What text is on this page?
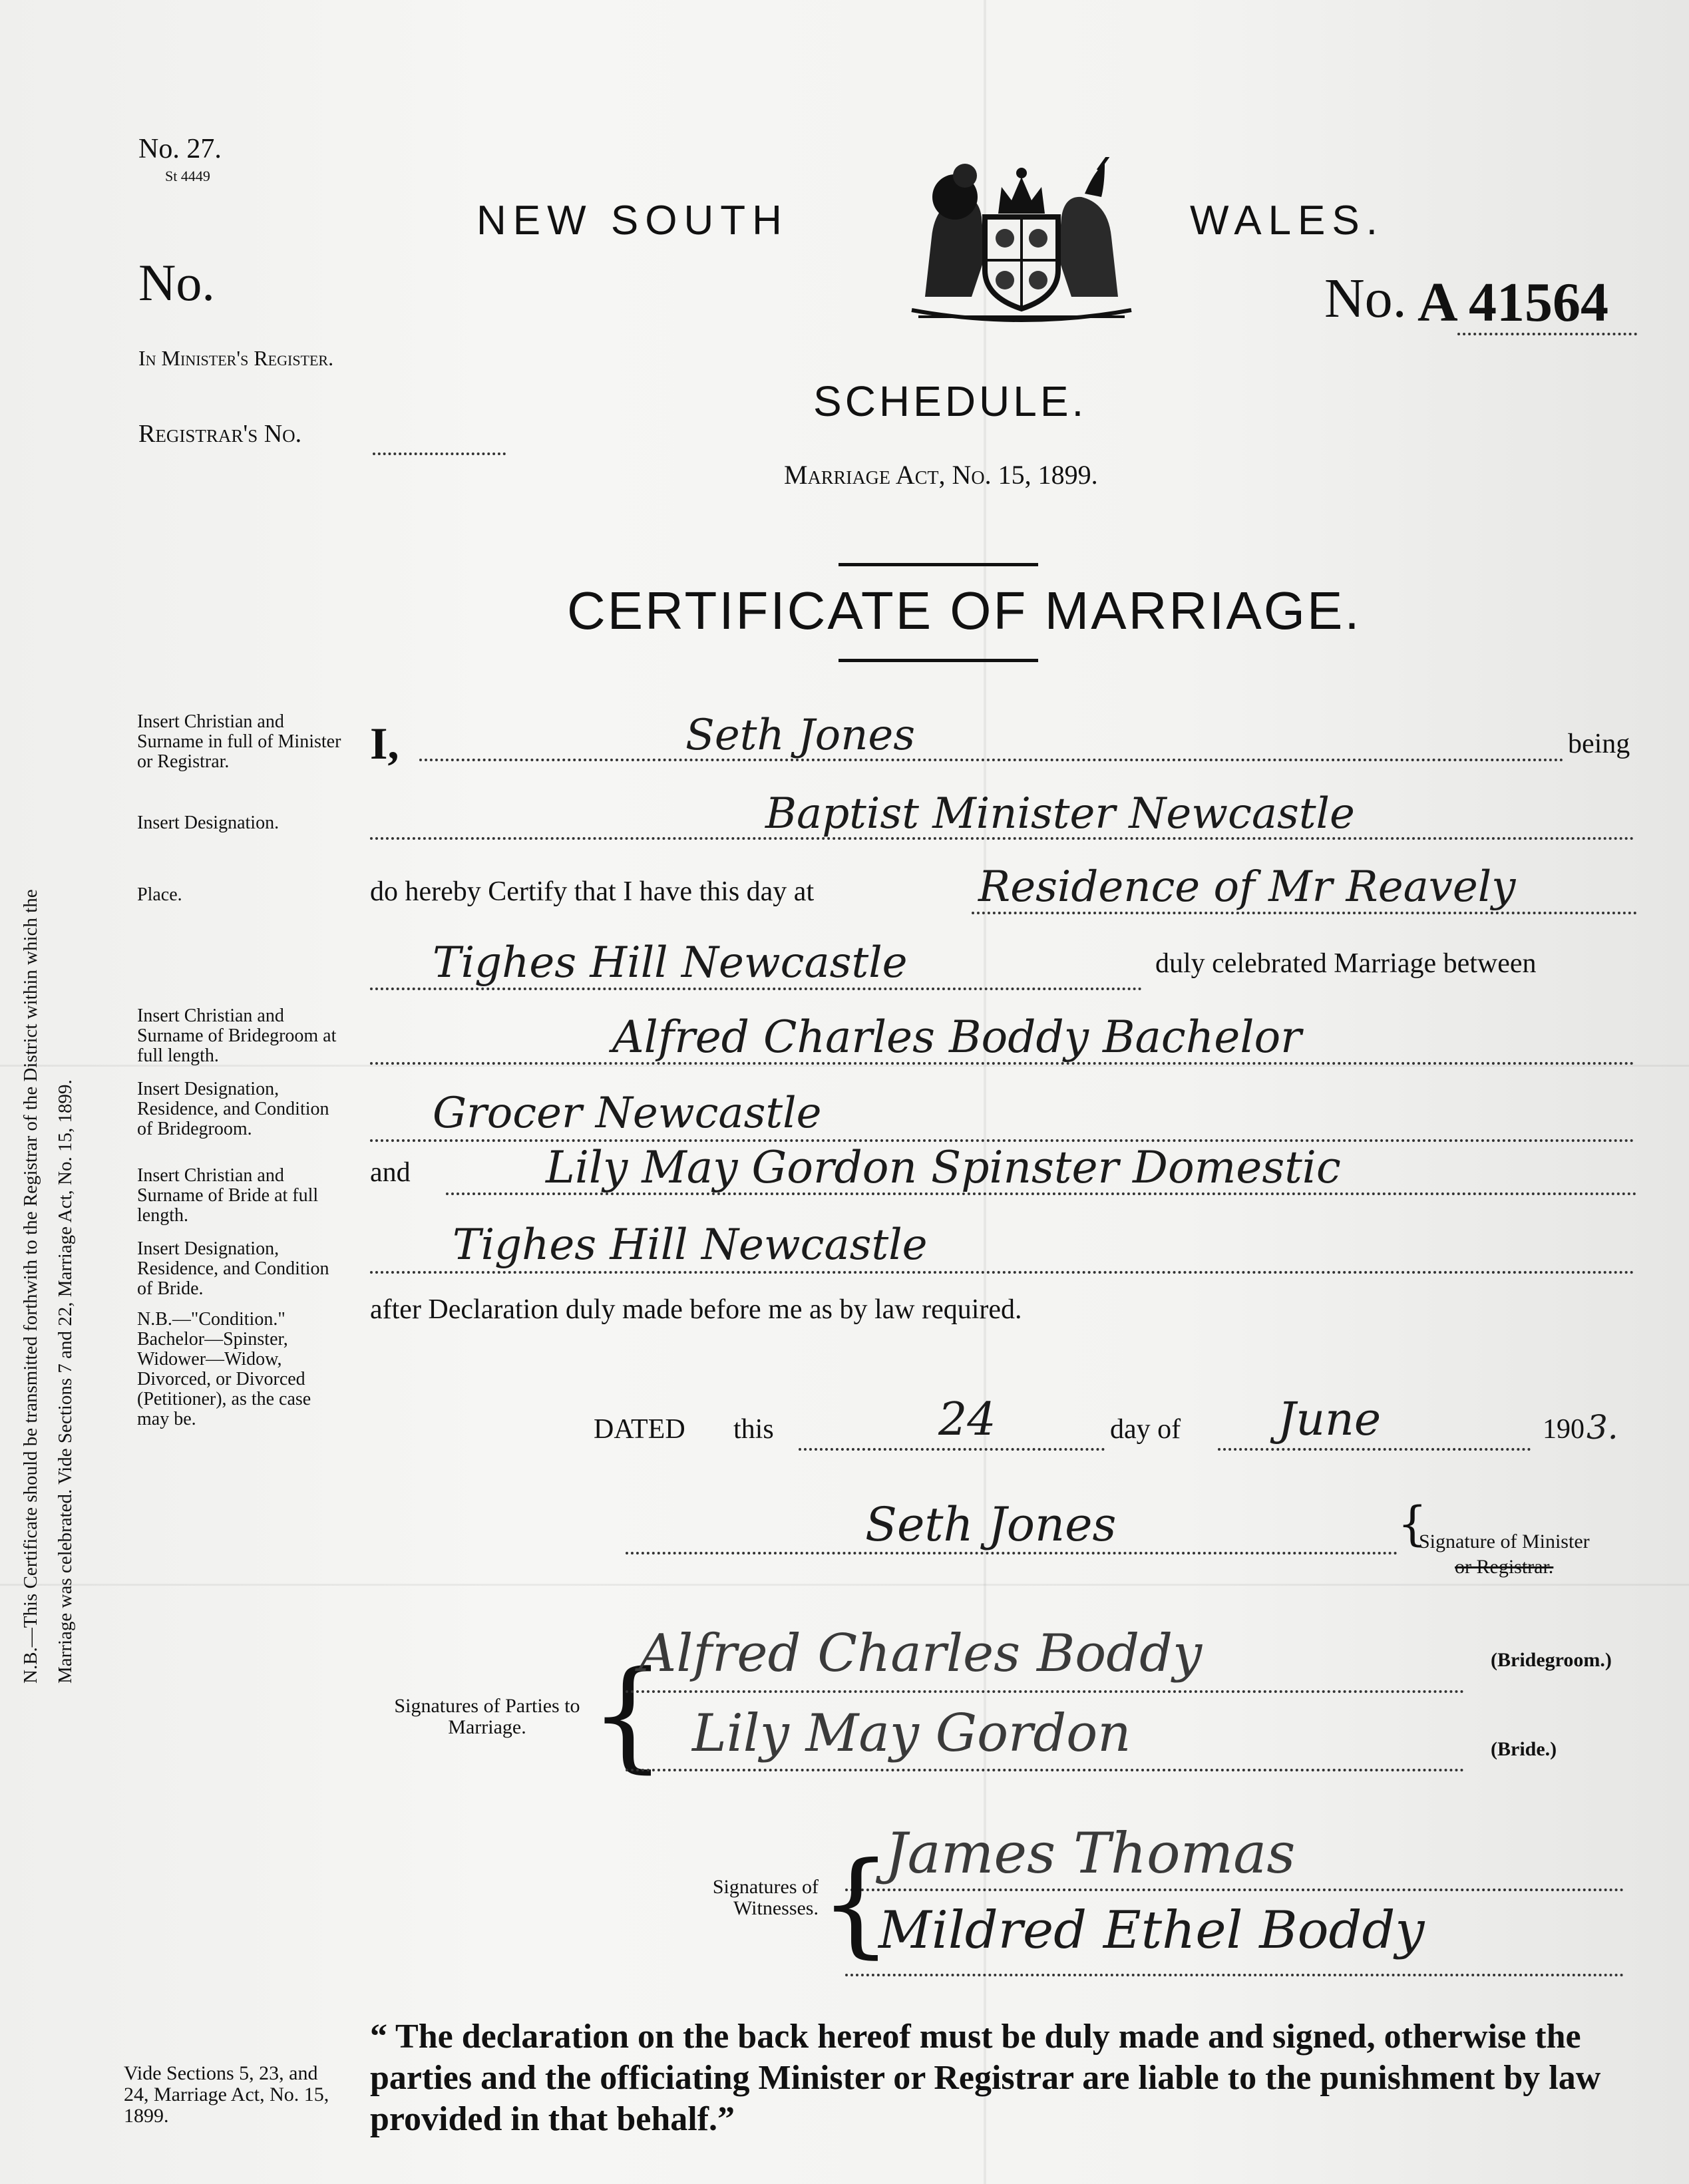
N.B.—This Certificate should be transmitted forthwith to the Registrar of the District within which the Marriage was celebrated. Vide Sections 7 and 22, Marriage Act, No. 15, 1899.
No. 27.
St 4449
No.
In Minister's Register.
Registrar's No.
NEW SOUTH	WALES.
No. A 41564
SCHEDULE.
Marriage Act, No. 15, 1899.
CERTIFICATE OF MARRIAGE.
Insert Christian and Surname in full of Minister or Registrar.
Insert Designation.
Place.
Insert Christian and Surname of Bridegroom at full length.
Insert Designation, Residence, and Condition of Bridegroom.
Insert Christian and Surname of Bride at full length.
Insert Designation, Residence, and Condition of Bride.
N.B.—"Condition." Bachelor—Spinster, Widower—Widow, Divorced, or Divorced (Petitioner), as the case may be.
Vide Sections 5, 23, and 24, Marriage Act, No. 15, 1899.
I,	Seth Jones	being
Baptist Minister Newcastle
do hereby Certify that I have this day at	Residence of Mr Reavely
Tighes Hill Newcastle	duly celebrated Marriage between
Alfred Charles Boddy Bachelor
Grocer Newcastle
and	Lily May Gordon Spinster Domestic
Tighes Hill Newcastle
after Declaration duly made before me as by law required.
DATED this	24	day of June	190 3.
Seth Jones	{
Signature of Minister
or Registrar.
Signatures of Parties to Marriage. {
Alfred Charles Boddy	(Bridegroom.)
Lily May Gordon	(Bride.)
James Thomas
Signatures of Witnesses. {
Mildred Ethel Boddy
“ The declaration on the back hereof must be duly made and signed, otherwise the parties and the officiating Minister or Registrar are liable to the punishment by law provided in that behalf.”
